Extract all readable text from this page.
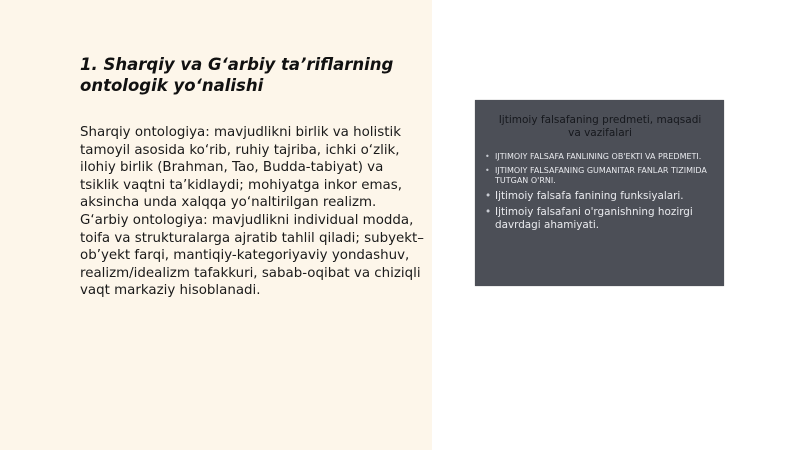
1. Sharqiy va G‘arbiy ta’riflarning ontologik yo‘nalishi

Sharqiy ontologiya: mavjudlikni birlik va holistik tamoyil asosida ko‘rib, ruhiy tajriba, ichki o‘zlik, ilohiy birlik (Brahman, Tao, Budda-tabiyat) va tsiklik vaqtni ta’kidlaydi; mohiyatga inkor emas, aksincha unda xalqqa yo‘naltirilgan realizm. G‘arbiy ontologiya: mavjudlikni individual modda, toifa va strukturalarga ajratib tahlil qiladi; subyekt–ob’yekt farqi, mantiqiy-kategoriyaviy yondashuv, realizm/idealizm tafakkuri, sabab-oqibat va chiziqli vaqt markaziy hisoblanadi.

Ijtimoiy falsafaning predmeti, maqsadi va vazifalari

• IJTIMOIY FALSAFA FANLINING OB'EKTI VA PREDMETI.
• IJTIMOIY FALSAFANING GUMANITAR FANLAR TIZIMIDA TUTGAN O'RNI.
• Ijtimoiy falsafa fanining funksiyalari.
• Ijtimoiy falsafani o'rganishning hozirgi davrdagi ahamiyati.
